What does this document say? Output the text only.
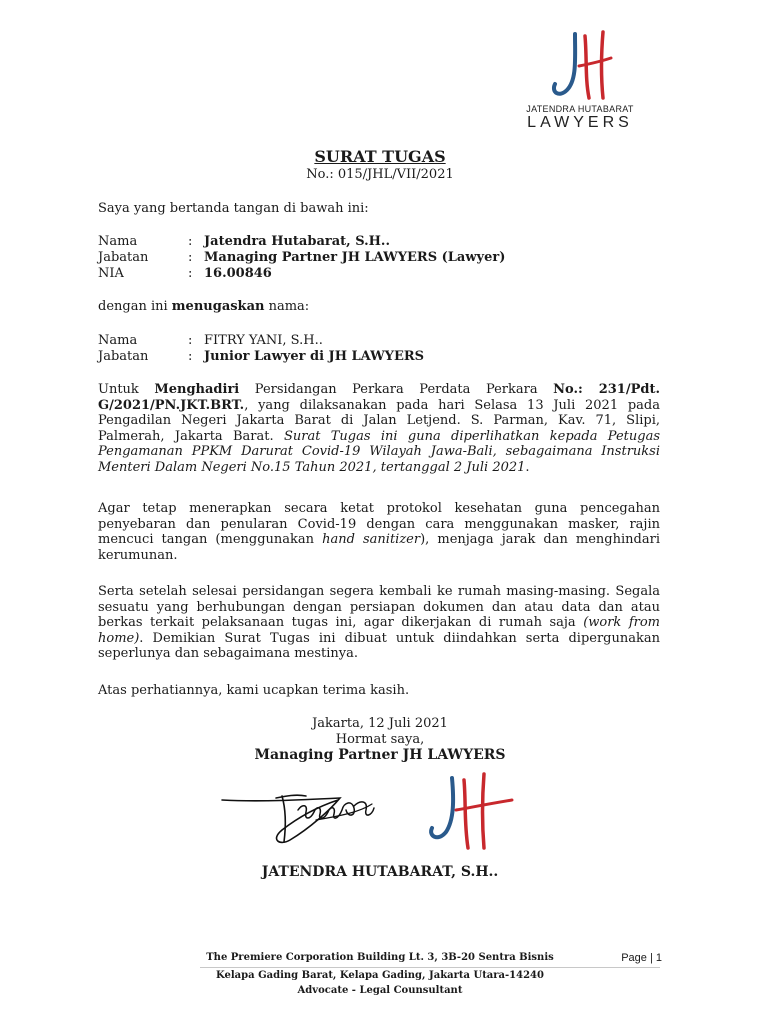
JATENDRA HUTABARAT
LAWYERS
SURAT TUGAS
No.: 015/JHL/VII/2021
Saya yang bertanda tangan di bawah ini:
Nama	: Jatendra Hutabarat, S.H..
Jabatan	: Managing Partner JH LAWYERS (Lawyer)
NIA	: 16.00846
dengan ini menugaskan nama:
Nama	: FITRY YANI, S.H..
Jabatan	: Junior Lawyer di JH LAWYERS
Untuk Menghadiri Persidangan Perkara Perdata Perkara No.: 231/Pdt. G/2021/PN.JKT.BRT., yang dilaksanakan pada hari Selasa 13 Juli 2021 pada Pengadilan Negeri Jakarta Barat di Jalan Letjend. S. Parman, Kav. 71, Slipi, Palmerah, Jakarta Barat. Surat Tugas ini guna diperlihatkan kepada Petugas Pengamanan PPKM Darurat Covid-19 Wilayah Jawa-Bali, sebagaimana Instruksi Menteri Dalam Negeri No.15 Tahun 2021, tertanggal 2 Juli 2021.
Agar tetap menerapkan secara ketat protokol kesehatan guna pencegahan penyebaran dan penularan Covid-19 dengan cara menggunakan masker, rajin mencuci tangan (menggunakan hand sanitizer), menjaga jarak dan menghindari kerumunan.
Serta setelah selesai persidangan segera kembali ke rumah masing-masing. Segala sesuatu yang berhubungan dengan persiapan dokumen dan atau data dan atau berkas terkait pelaksanaan tugas ini, agar dikerjakan di rumah saja (work from home). Demikian Surat Tugas ini dibuat untuk diindahkan serta dipergunakan seperlunya dan sebagaimana mestinya.
Atas perhatiannya, kami ucapkan terima kasih.
Jakarta, 12 Juli 2021
Hormat saya,
Managing Partner JH LAWYERS
JATENDRA HUTABARAT, S.H..
The Premiere Corporation Building Lt. 3, 3B-20 Sentra Bisnis	Page | 1
Kelapa Gading Barat, Kelapa Gading, Jakarta Utara-14240
Advocate - Legal Counsultant
